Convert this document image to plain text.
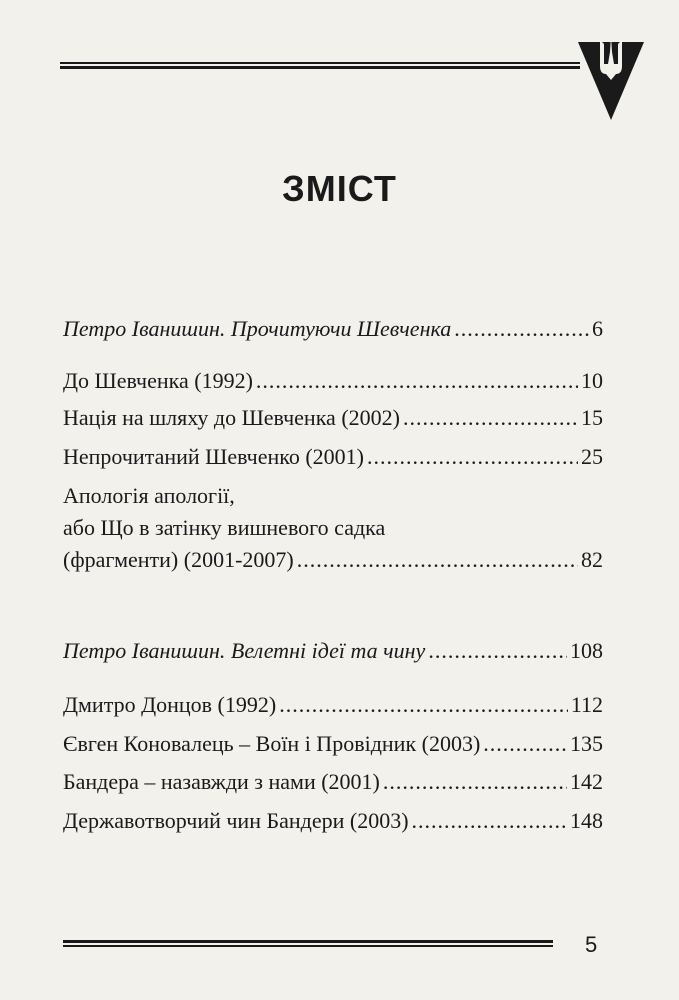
ЗМІСТ
Петро Іванишин. Прочитуючи Шевченка .....	6
До Шевченка (1992) .....	10
Нація на шляху до Шевченка (2002) .....	15
Непрочитаний Шевченко (2001) .....	25
Апологія апології,
або Що в затінку вишневого садка
(фрагменти) (2001-2007) .....	82
Петро Іванишин. Велетні ідеї та чину .....	108
Дмитро Донцов (1992) .....	112
Євген Коновалець – Воїн і Провідник (2003) .....	135
Бандера – назавжди з нами (2001) .....	142
Державотворчий чин Бандери (2003) .....	148
5
